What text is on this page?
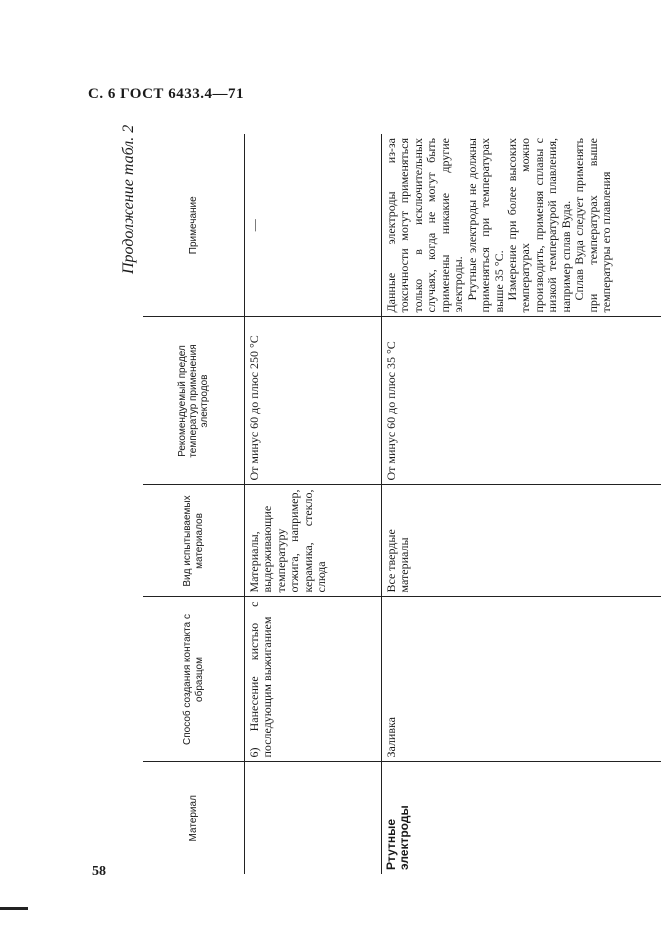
С. 6 ГОСТ 6433.4—71
Продолжение табл. 2
Материал	Способ создания контакта с образцом	Вид испытываемых материалов	Рекомендуемый предел температур применения электродов	Примечание
	6) Нанесение кистью с последующим выжиганием	Материалы, выдерживающие температуру отжига, например, керамика, стекло, слюда	От минус 60 до плюс 250 °C	—
Ртутные электроды	Заливка	Все твердые материалы	От минус 60 до плюс 35 °C	Данные электроды из-за токсичности могут применяться только в исключительных случаях, когда не могут быть применены никакие другие электроды. Ртутные электроды не должны применяться при температурах выше 35 °C. Измерение при более высоких температурах можно производить, применяя сплавы с низкой температурой плавления, например сплав Вуда. Сплав Вуда следует применять при температурах выше температуры его плавления
58
